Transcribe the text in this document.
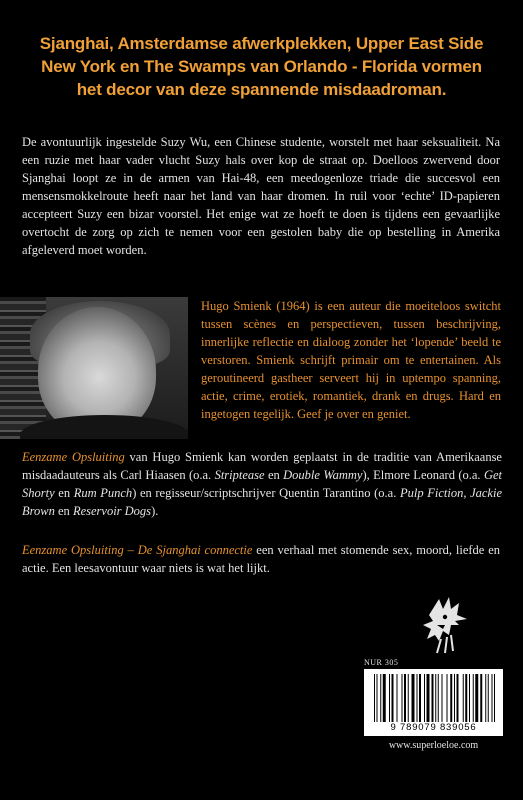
Sjanghai, Amsterdamse afwerkplekken, Upper East Side
New York en The Swamps van Orlando - Florida vormen
het decor van deze spannende misdaadroman.

De avontuurlijk ingestelde Suzy Wu, een Chinese studente, worstelt met haar seksualiteit. Na een ruzie met haar vader vlucht Suzy hals over kop de straat op. Doelloos zwervend door Sjanghai loopt ze in de armen van Hai-48, een meedogenloze triade die succesvol een mensensmokkelroute heeft naar het land van haar dromen. In ruil voor ‘echte’ ID-papieren accepteert Suzy een bizar voorstel. Het enige wat ze hoeft te doen is tijdens een gevaarlijke overtocht de zorg op zich te nemen voor een gestolen baby die op bestelling in Amerika afgeleverd moet worden.

Hugo Smienk (1964) is een auteur die moeiteloos switcht tussen scènes en perspectieven, tussen beschrijving, innerlijke reflectie en dialoog zonder het ‘lopende’ beeld te verstoren. Smienk schrijft primair om te entertainen. Als geroutineerd gastheer serveert hij in uptempo spanning, actie, crime, erotiek, romantiek, drank en drugs. Hard en ingetogen tegelijk. Geef je over en geniet.

Eenzame Opsluiting van Hugo Smienk kan worden geplaatst in de traditie van Amerikaanse misdaadauteurs als Carl Hiaasen (o.a. Striptease en Double Wammy), Elmore Leonard (o.a. Get Shorty en Rum Punch) en regisseur/scriptschrijver Quentin Tarantino (o.a. Pulp Fiction, Jackie Brown en Reservoir Dogs).

Eenzame Opsluiting – De Sjanghai connectie een verhaal met stomende sex, moord, liefde en actie. Een leesavontuur waar niets is wat het lijkt.

NUR 305
9 789079 839056
www.superloeloe.com
